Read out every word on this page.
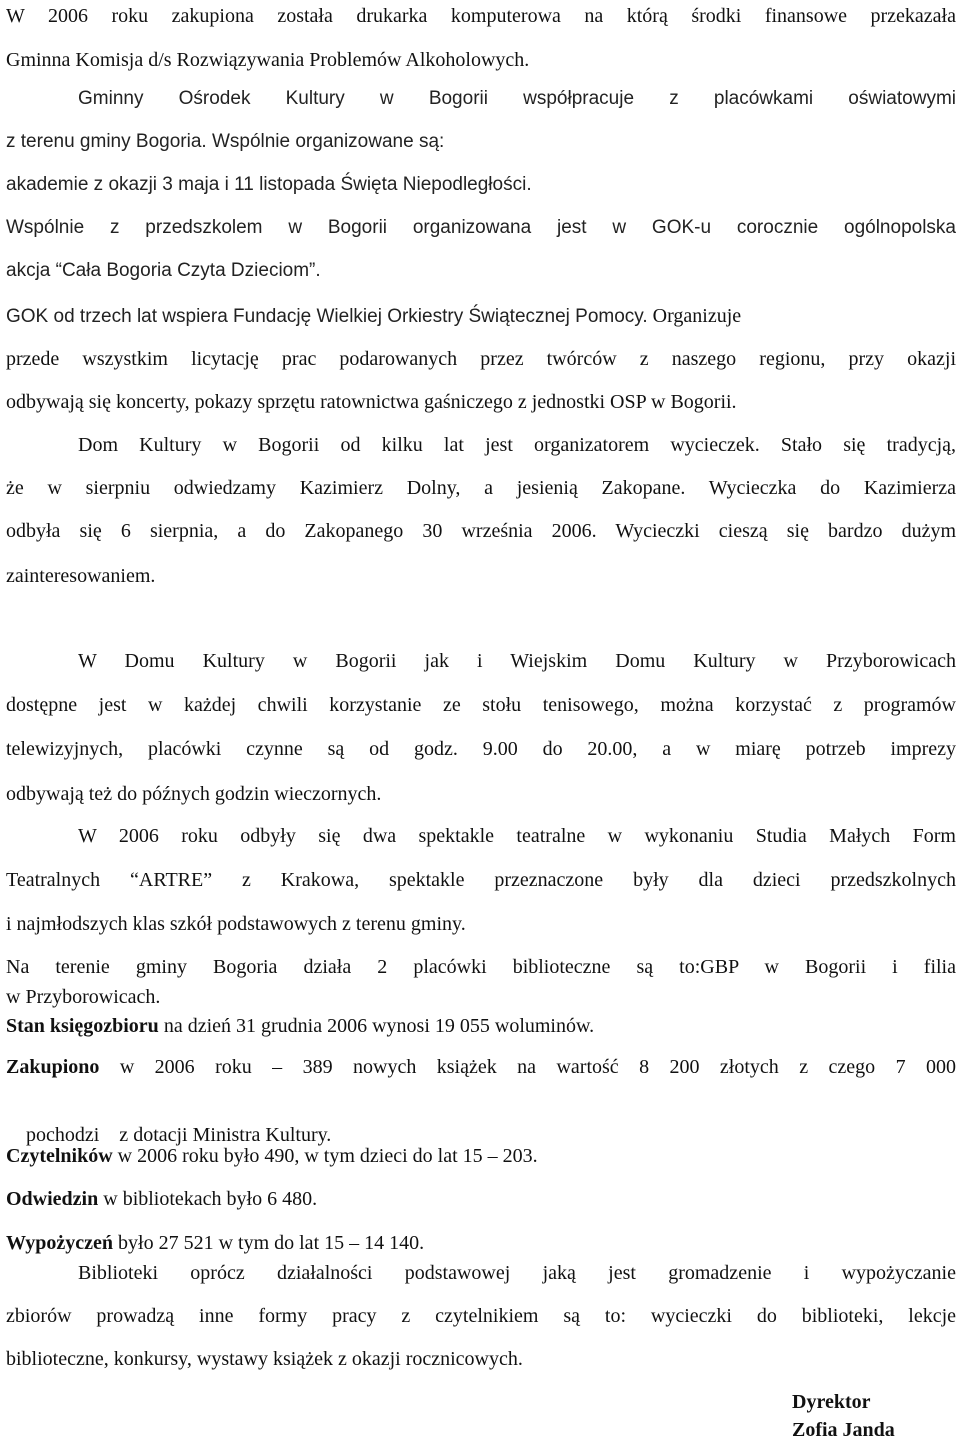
W 2006 roku zakupiona została drukarka komputerowa na którą środki finansowe przekazała
Gminna Komisja d/s Rozwiązywania Problemów Alkoholowych.
Gminny Ośrodek Kultury w Bogorii współpracuje z placówkami oświatowymi
z terenu gminy Bogoria. Wspólnie organizowane są:
akademie z okazji 3 maja i 11 listopada Święta Niepodległości.
Wspólnie z przedszkolem w Bogorii organizowana jest w GOK-u corocznie ogólnopolska
akcja “Cała Bogoria Czyta Dzieciom”.
GOK od trzech lat wspiera Fundację Wielkiej Orkiestry Świątecznej Pomocy. Organizuje
przede wszystkim licytację prac podarowanych przez twórców z naszego regionu, przy okazji
odbywają się koncerty, pokazy sprzętu ratownictwa gaśniczego z jednostki OSP w Bogorii.
Dom Kultury w Bogorii od kilku lat jest organizatorem wycieczek. Stało się tradycją,
że w sierpniu odwiedzamy Kazimierz Dolny, a jesienią Zakopane. Wycieczka do Kazimierza
odbyła się 6 sierpnia, a do Zakopanego 30 września 2006. Wycieczki cieszą się bardzo dużym
zainteresowaniem.
W Domu Kultury w Bogorii jak i Wiejskim Domu Kultury w Przyborowicach
dostępne jest w każdej chwili korzystanie ze stołu tenisowego, można korzystać z programów
telewizyjnych, placówki czynne są od godz. 9.00 do 20.00, a w miarę potrzeb imprezy
odbywają też do późnych godzin wieczornych.
W 2006 roku odbyły się dwa spektakle teatralne w wykonaniu Studia Małych Form
Teatralnych “ARTRE” z Krakowa, spektakle przeznaczone były dla dzieci przedszkolnych
i najmłodszych klas szkół podstawowych z terenu gminy.
Na terenie gminy Bogoria działa 2 placówki biblioteczne są to:GBP w Bogorii i filia
w Przyborowicach.
Stan księgozbioru na dzień 31 grudnia 2006 wynosi 19 055 woluminów.
Zakupiono w 2006 roku – 389 nowych książek na wartość 8 200 złotych z czego 7 000

pochodzi    z dotacji Ministra Kultury.

Czytelników w 2006 roku było 490, w tym dzieci do lat 15 – 203.
Odwiedzin w bibliotekach było 6 480.
Wypożyczeń było 27 521 w tym do lat 15 – 14 140.
Biblioteki oprócz działalności podstawowej jaką jest gromadzenie i wypożyczanie
zbiorów prowadzą inne formy pracy z czytelnikiem są to: wycieczki do biblioteki, lekcje
biblioteczne, konkursy, wystawy książek z okazji rocznicowych.
Dyrektor
Zofia Janda
